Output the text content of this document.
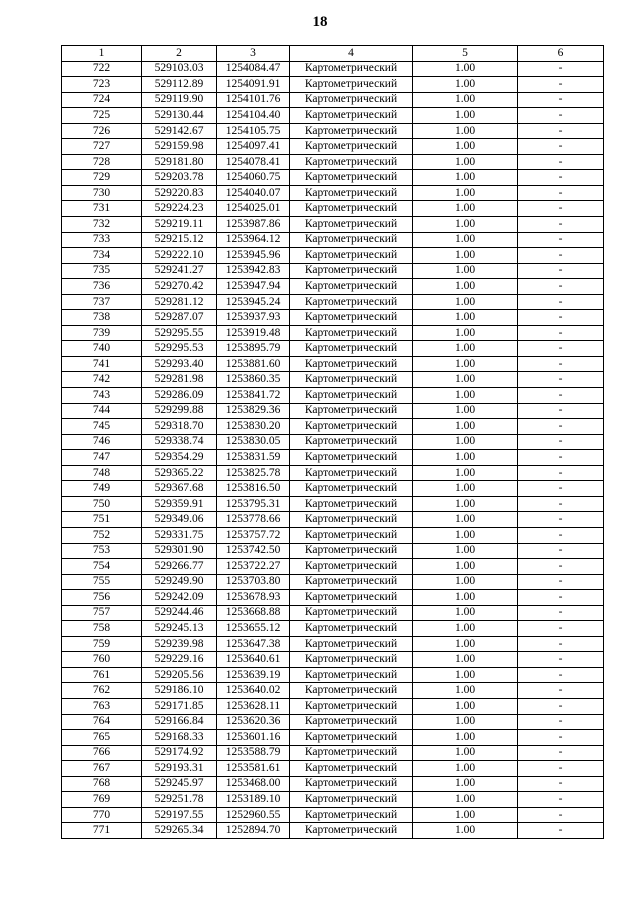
18
1	2	3	4	5	6
722	529103.03	1254084.47	Картометрический	1.00	-
723	529112.89	1254091.91	Картометрический	1.00	-
724	529119.90	1254101.76	Картометрический	1.00	-
725	529130.44	1254104.40	Картометрический	1.00	-
726	529142.67	1254105.75	Картометрический	1.00	-
727	529159.98	1254097.41	Картометрический	1.00	-
728	529181.80	1254078.41	Картометрический	1.00	-
729	529203.78	1254060.75	Картометрический	1.00	-
730	529220.83	1254040.07	Картометрический	1.00	-
731	529224.23	1254025.01	Картометрический	1.00	-
732	529219.11	1253987.86	Картометрический	1.00	-
733	529215.12	1253964.12	Картометрический	1.00	-
734	529222.10	1253945.96	Картометрический	1.00	-
735	529241.27	1253942.83	Картометрический	1.00	-
736	529270.42	1253947.94	Картометрический	1.00	-
737	529281.12	1253945.24	Картометрический	1.00	-
738	529287.07	1253937.93	Картометрический	1.00	-
739	529295.55	1253919.48	Картометрический	1.00	-
740	529295.53	1253895.79	Картометрический	1.00	-
741	529293.40	1253881.60	Картометрический	1.00	-
742	529281.98	1253860.35	Картометрический	1.00	-
743	529286.09	1253841.72	Картометрический	1.00	-
744	529299.88	1253829.36	Картометрический	1.00	-
745	529318.70	1253830.20	Картометрический	1.00	-
746	529338.74	1253830.05	Картометрический	1.00	-
747	529354.29	1253831.59	Картометрический	1.00	-
748	529365.22	1253825.78	Картометрический	1.00	-
749	529367.68	1253816.50	Картометрический	1.00	-
750	529359.91	1253795.31	Картометрический	1.00	-
751	529349.06	1253778.66	Картометрический	1.00	-
752	529331.75	1253757.72	Картометрический	1.00	-
753	529301.90	1253742.50	Картометрический	1.00	-
754	529266.77	1253722.27	Картометрический	1.00	-
755	529249.90	1253703.80	Картометрический	1.00	-
756	529242.09	1253678.93	Картометрический	1.00	-
757	529244.46	1253668.88	Картометрический	1.00	-
758	529245.13	1253655.12	Картометрический	1.00	-
759	529239.98	1253647.38	Картометрический	1.00	-
760	529229.16	1253640.61	Картометрический	1.00	-
761	529205.56	1253639.19	Картометрический	1.00	-
762	529186.10	1253640.02	Картометрический	1.00	-
763	529171.85	1253628.11	Картометрический	1.00	-
764	529166.84	1253620.36	Картометрический	1.00	-
765	529168.33	1253601.16	Картометрический	1.00	-
766	529174.92	1253588.79	Картометрический	1.00	-
767	529193.31	1253581.61	Картометрический	1.00	-
768	529245.97	1253468.00	Картометрический	1.00	-
769	529251.78	1253189.10	Картометрический	1.00	-
770	529197.55	1252960.55	Картометрический	1.00	-
771	529265.34	1252894.70	Картометрический	1.00	-
